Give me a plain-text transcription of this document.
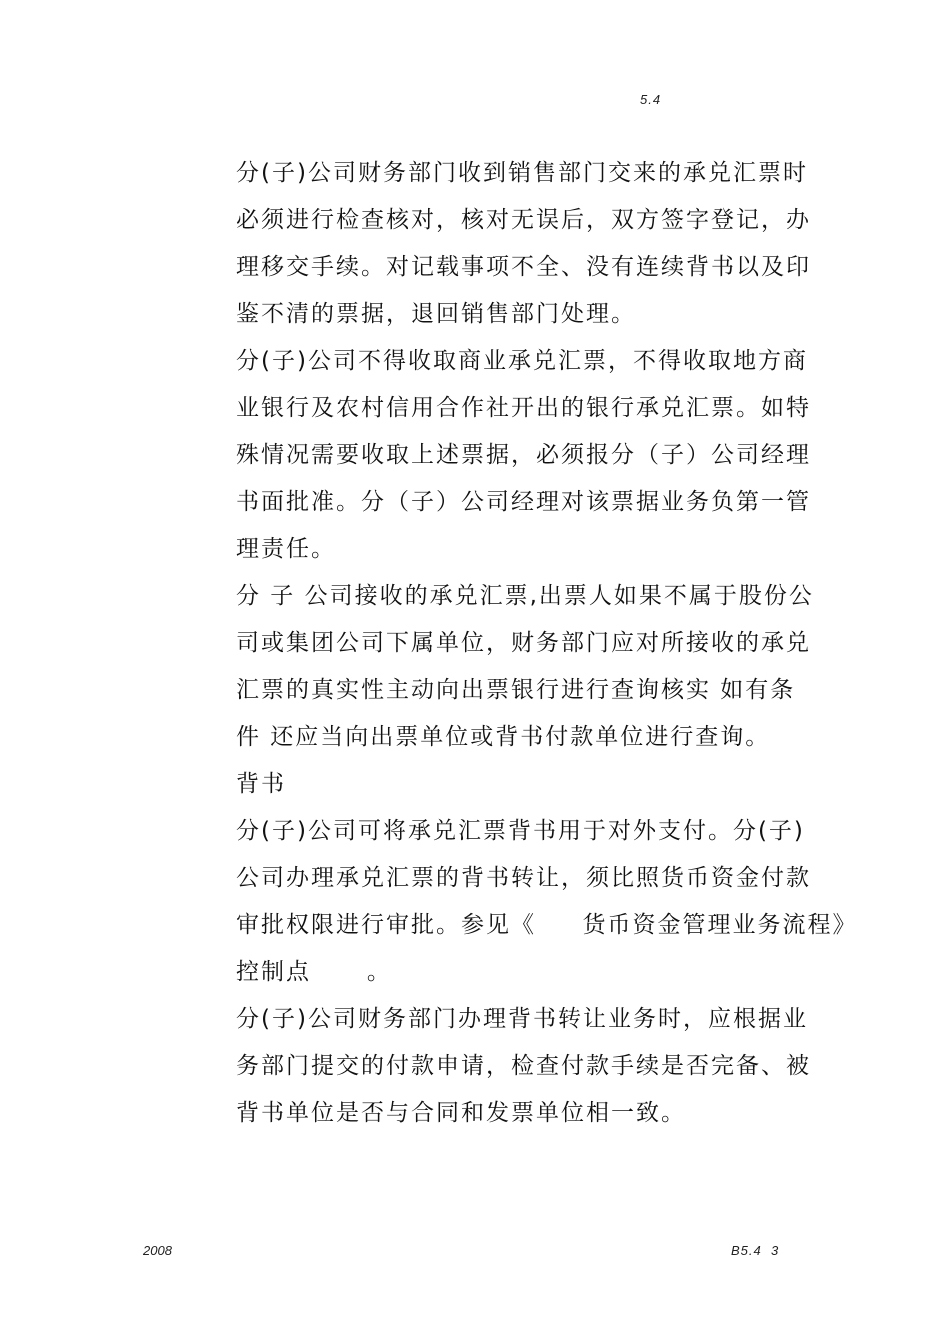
5.4
分(子)公司财务部门收到销售部门交来的承兑汇票时
必须进行检查核对，核对无误后，双方签字登记，办
理移交手续。对记载事项不全、没有连续背书以及印
鉴不清的票据，退回销售部门处理。
分(子)公司不得收取商业承兑汇票，不得收取地方商
业银行及农村信用合作社开出的银行承兑汇票。如特
殊情况需要收取上述票据，必须报分（子）公司经理
书面批准。分（子）公司经理对该票据业务负第一管
理责任。
分 子 公司接收的承兑汇票,出票人如果不属于股份公
司或集团公司下属单位，财务部门应对所接收的承兑
汇票的真实性主动向出票银行进行查询核实 如有条
件 还应当向出票单位或背书付款单位进行查询。
背书
分(子)公司可将承兑汇票背书用于对外支付。分(子)
公司办理承兑汇票的背书转让，须比照货币资金付款
审批权限进行审批。参见《     货币资金管理业务流程》
控制点      。
分(子)公司财务部门办理背书转让业务时，应根据业
务部门提交的付款申请，检查付款手续是否完备、被
背书单位是否与合同和发票单位相一致。
2008	B5.4  3
